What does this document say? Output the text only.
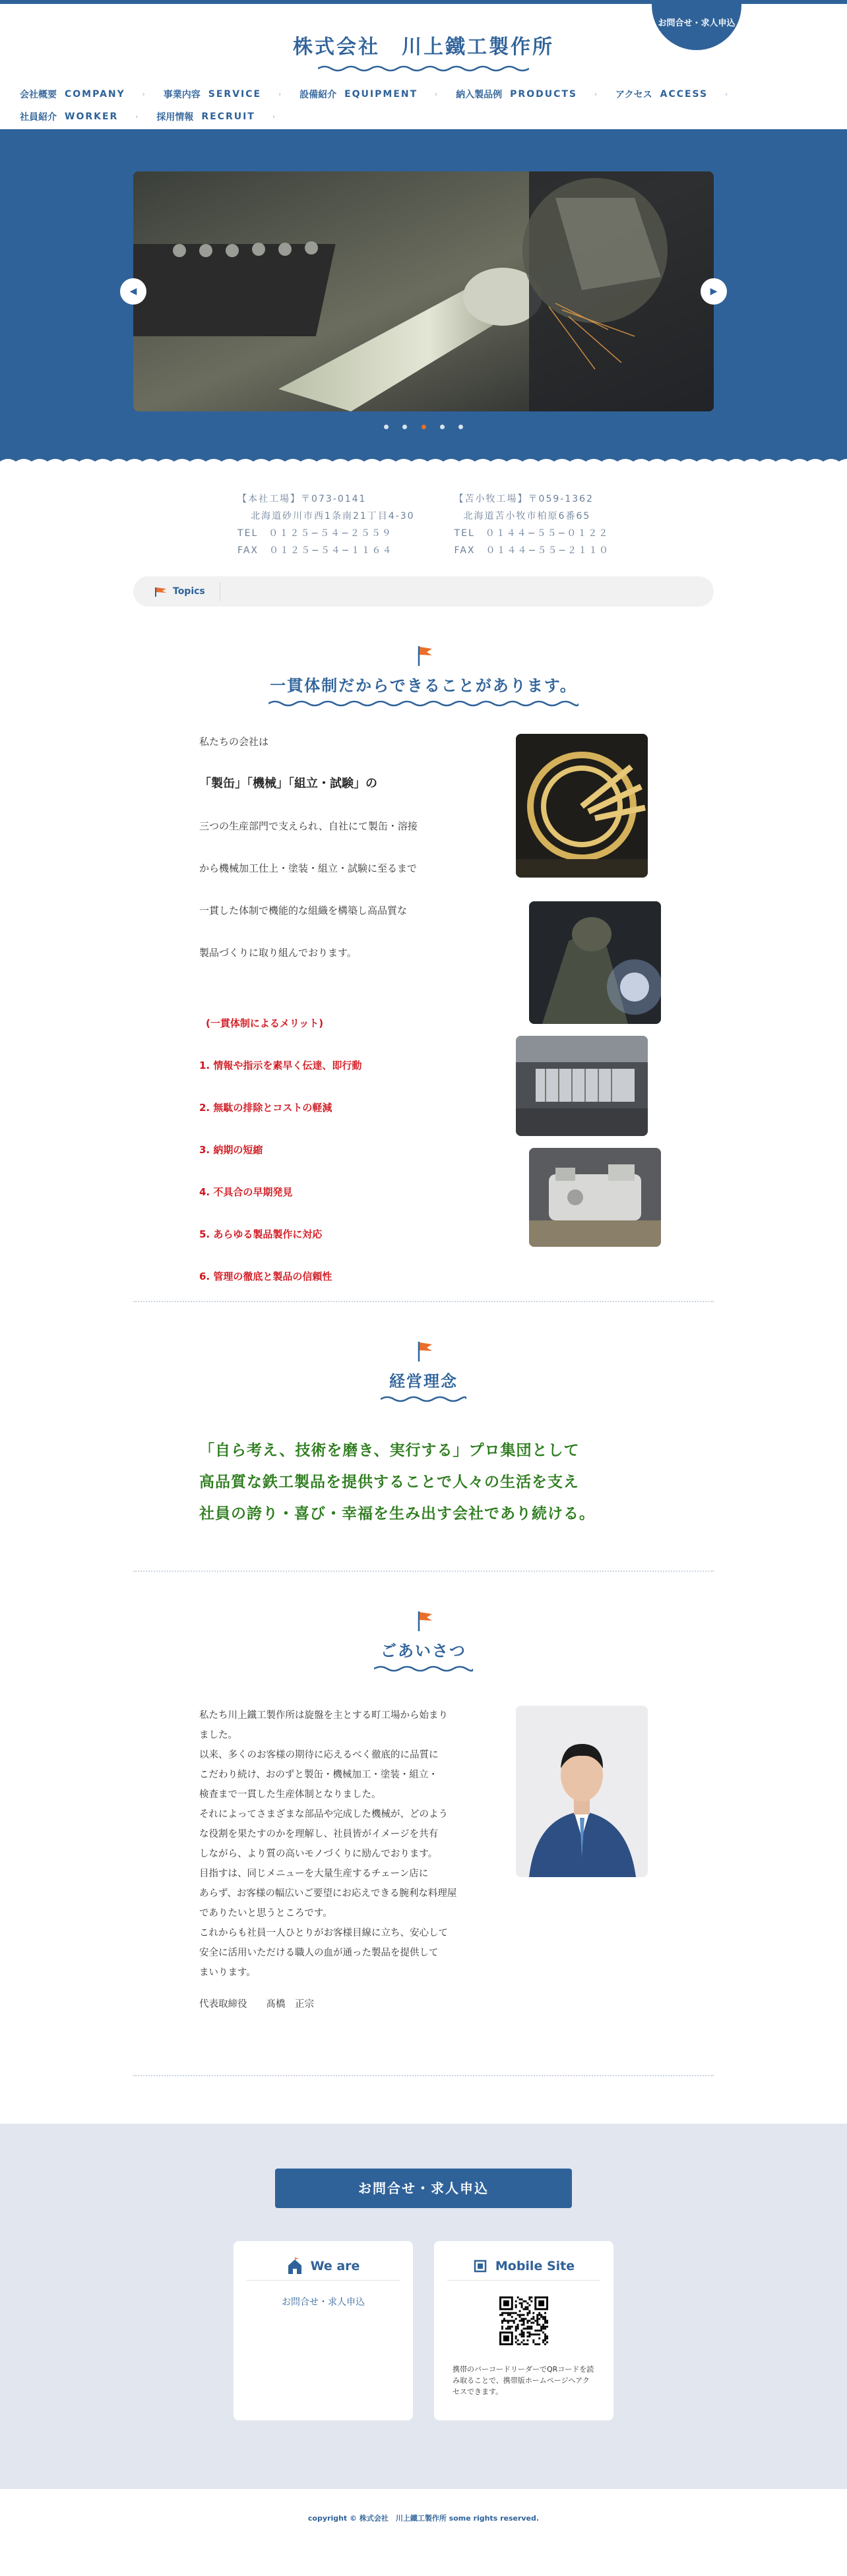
株式会社　川上鐵工製作所
お問合せ・求人申込
会社概要 COMPANY	› 事業内容 SERVICE	› 設備紹介 EQUIPMENT	› 納入製品例 PRODUCTS	› アクセス ACCESS	›
社員紹介 WORKER	› 採用情報 RECRUIT	›
◀	▶

【本社工場】〒073-0141
北海道砂川市西1条南21丁目4-30
TEL　０１２５−５４−２５５９
FAX　０１２５−５４−１１６４
【苫小牧工場】〒059-1362
北海道苫小牧市柏原6番65
TEL　０１４４−５５−０１２２
FAX　０１４４−５５−２１１０
Topics
一貫体制だからできることがあります。

私たちの会社は

「製缶」「機械」「組立・試験」の

三つの生産部門で支えられ、自社にて製缶・溶接

から機械加工仕上・塗装・組立・試験に至るまで

一貫した体制で機能的な組織を構築し高品質な

製品づくりに取り組んでおります。

(一貫体制によるメリット)
1. 情報や指示を素早く伝達、即行動
2. 無駄の排除とコストの軽減
3. 納期の短縮
4. 不具合の早期発見
5. あらゆる製品製作に対応
6. 管理の徹底と製品の信頼性
経営理念
「自ら考え、技術を磨き、実行する」プロ集団として
高品質な鉄工製品を提供することで人々の生活を支え
社員の誇り・喜び・幸福を生み出す会社であり続ける。
ごあいさつ
私たち川上鐵工製作所は旋盤を主とする町工場から始まり
ました。
以来、多くのお客様の期待に応えるべく徹底的に品質に
こだわり続け、おのずと製缶・機械加工・塗装・組立・
検査まで一貫した生産体制となりました。
それによってさまざまな部品や完成した機械が、どのよう
な役割を果たすのかを理解し、社員皆がイメージを共有
しながら、より質の高いモノづくりに励んでおります。
目指すは、同じメニューを大量生産するチェーン店に
あらず、お客様の幅広いご要望にお応えできる腕利な料理屋
でありたいと思うところです。
これからも社員一人ひとりがお客様目線に立ち、安心して
安全に活用いただける職人の血が通った製品を提供して
まいります。
代表取締役　　髙橋　正宗
お問合せ・求人申込
We are
お問合せ・求人申込
Mobile Site
携帯のバーコードリーダーでQRコードを読み取ることで、携帯版ホームページへアクセスできます。
copyright © 株式会社　川上鐵工製作所 some rights reserved.
